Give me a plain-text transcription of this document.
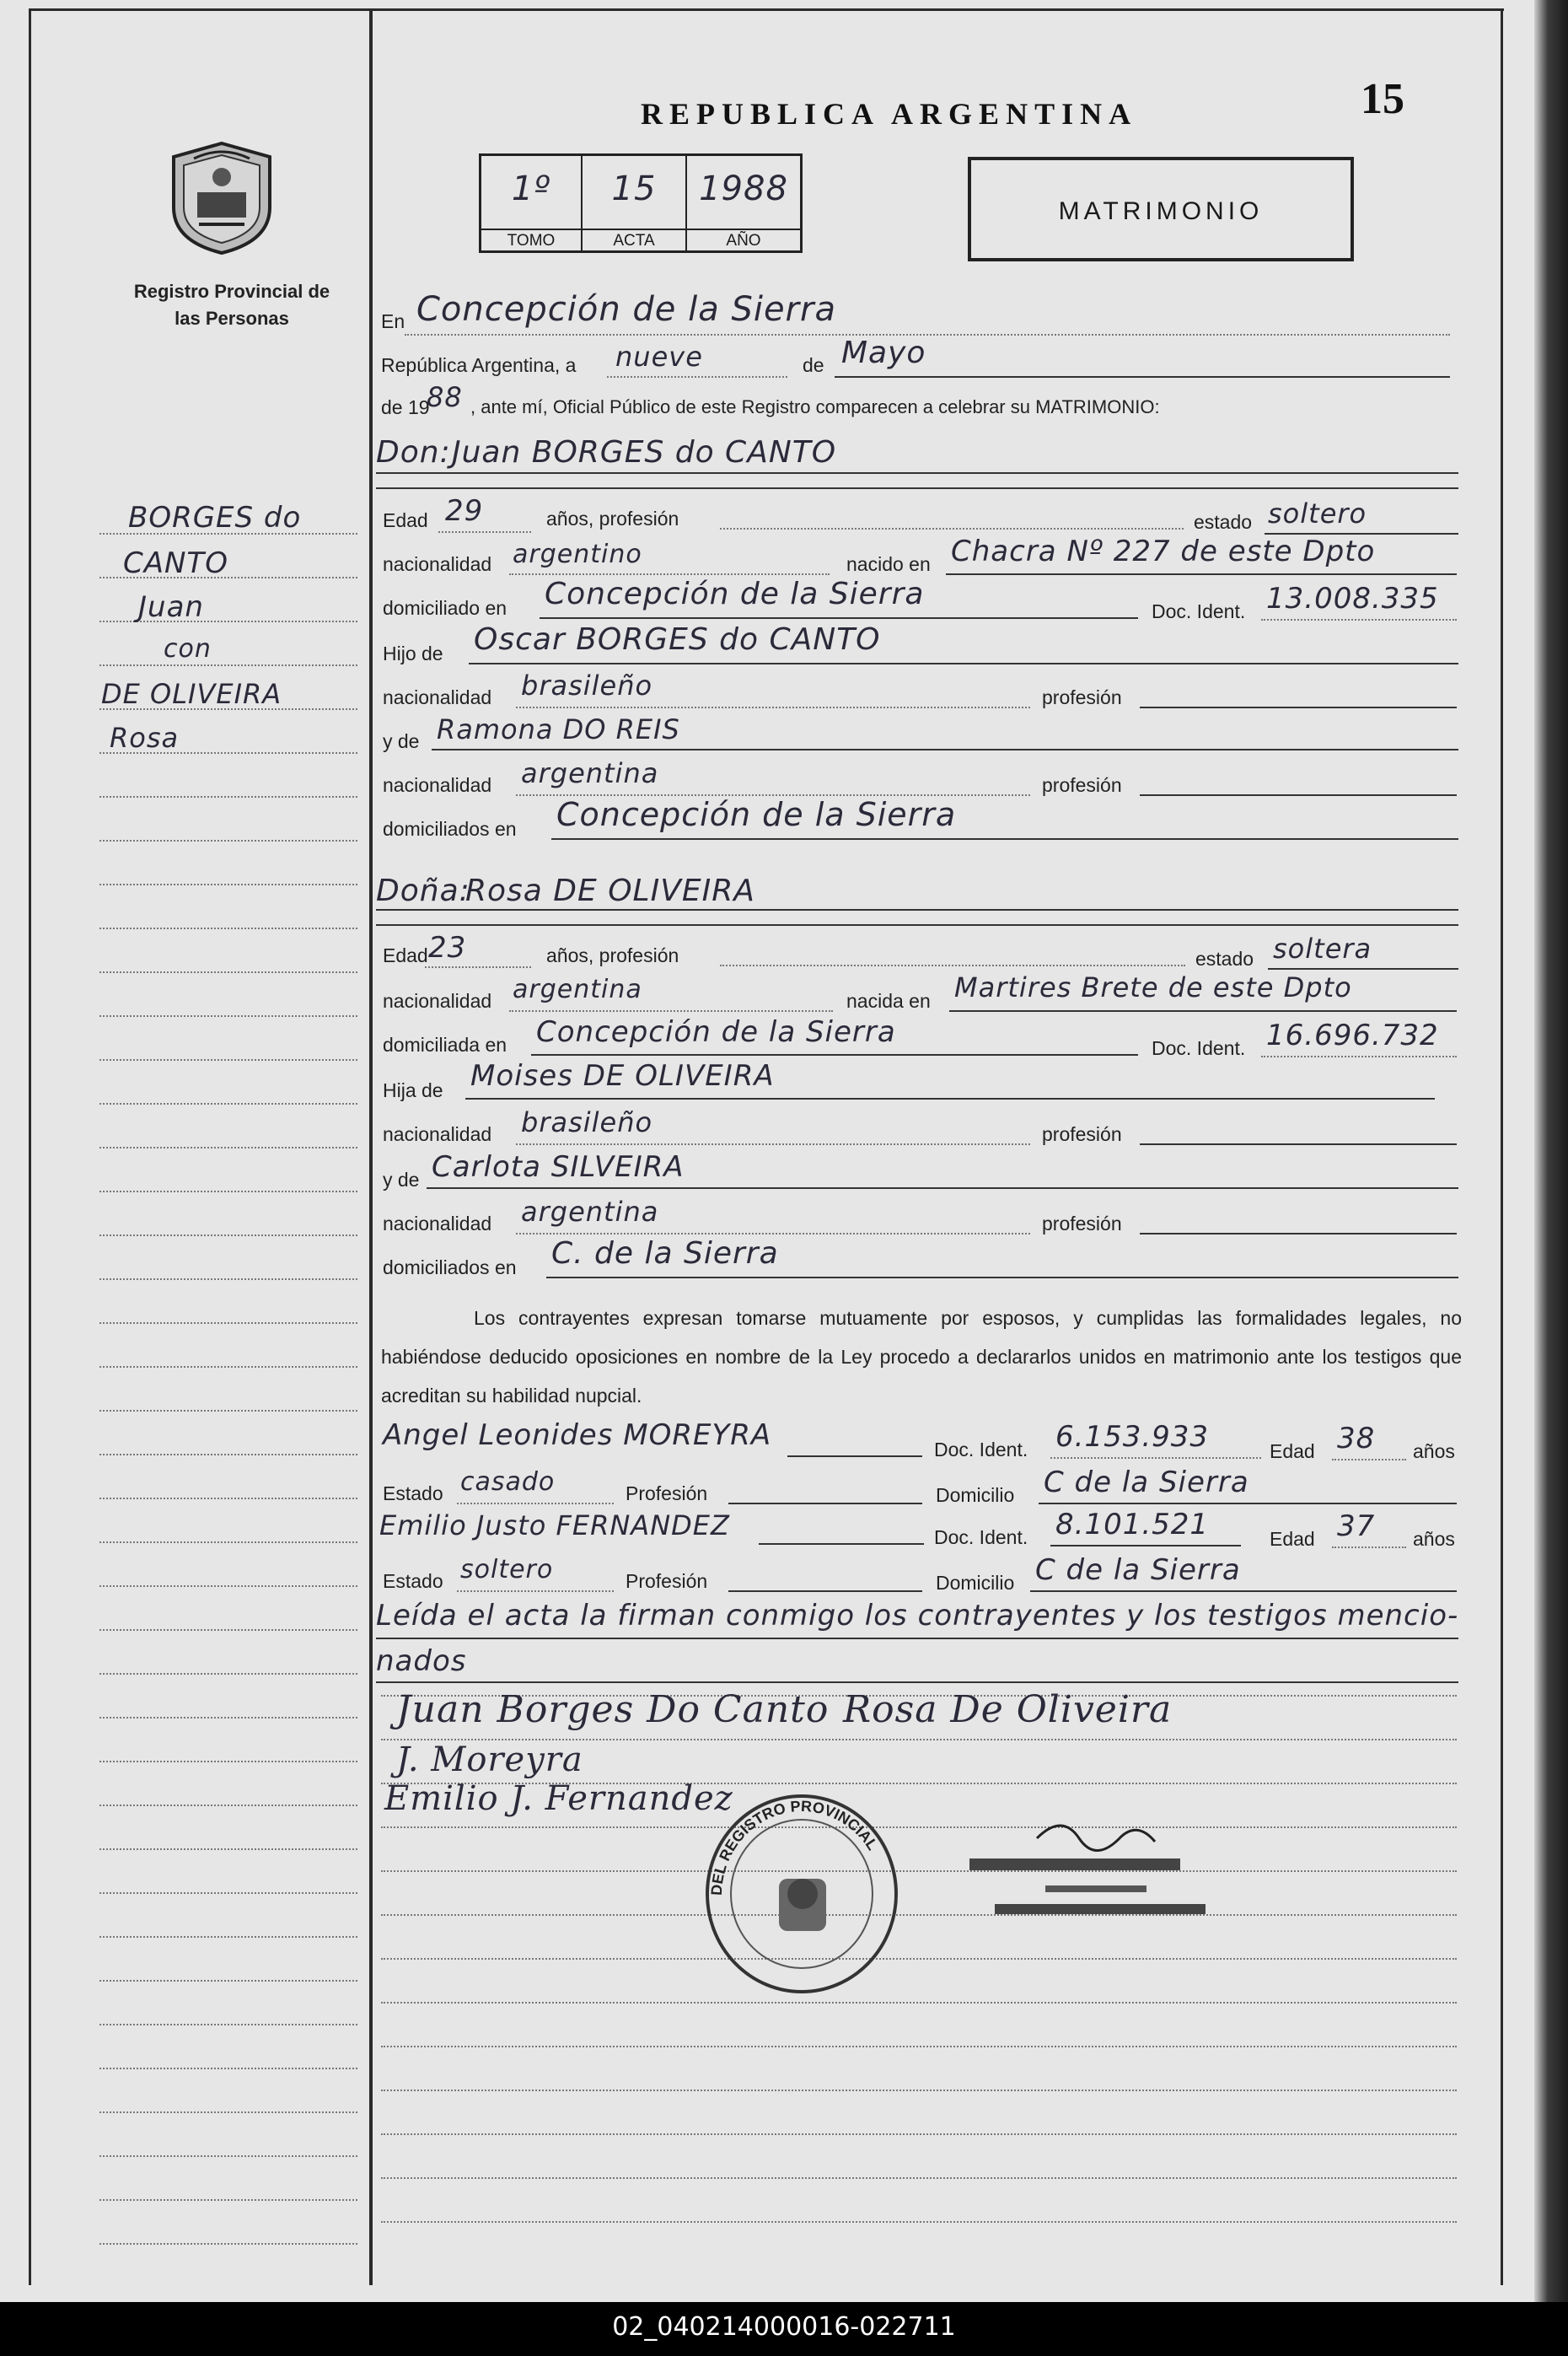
REPUBLICA ARGENTINA	15
1º
TOMO
15
ACTA
1988
AÑO
MATRIMONIO
Registro Provincial de las Personas
BORGES do
CANTO
Juan
con
DE OLIVEIRA
Rosa
En Concepción de la Sierra
República Argentina, a nueve	de Mayo
de 19
88 , ante mí, Oficial Público de este Registro comparecen a celebrar su MATRIMONIO:
Don: Juan BORGES do CANTO
Edad 29	años, profesión	estado soltero
nacionalidad argentino	nacido en Chacra Nº 227 de este Dpto
domiciliado en Concepción de la Sierra	Doc. Ident. 13.008.335
Hijo de Oscar BORGES do CANTO
nacionalidad brasileño	profesión
y de Ramona DO REIS
nacionalidad argentina	profesión
domiciliados en Concepción de la Sierra
Doña:
Rosa DE OLIVEIRA
Edad 23	años, profesión	estado soltera
nacionalidad argentina	nacida en Martires Brete de este Dpto
domiciliada en Concepción de la Sierra	Doc. Ident. 16.696.732
Hija de Moises DE OLIVEIRA
nacionalidad brasileño	profesión
y de Carlota SILVEIRA
nacionalidad argentina	profesión
domiciliados en C. de la Sierra
Los contrayentes expresan tomarse mutuamente por esposos, y cumplidas las formalidades legales, no habiéndose deducido oposiciones en nombre de la Ley procedo a declararlos unidos en matrimonio ante los testigos que acreditan su habilidad nupcial.
Angel Leonides MOREYRA	Doc. Ident. 6.153.933	Edad 38 años
Estado casado	Profesión	Domicilio C de la Sierra
Emilio Justo FERNANDEZ	Doc. Ident. 8.101.521	Edad 37 años
Estado soltero	Profesión	Domicilio C de la Sierra
Leída el acta la firman conmigo los contrayentes y los testigos mencio-
nados
Juan Borges Do Canto Rosa De Oliveira
J. Moreyra
Emilio J. Fernandez
DEL REGISTRO PROVINCIAL
02_040214000016-022711
